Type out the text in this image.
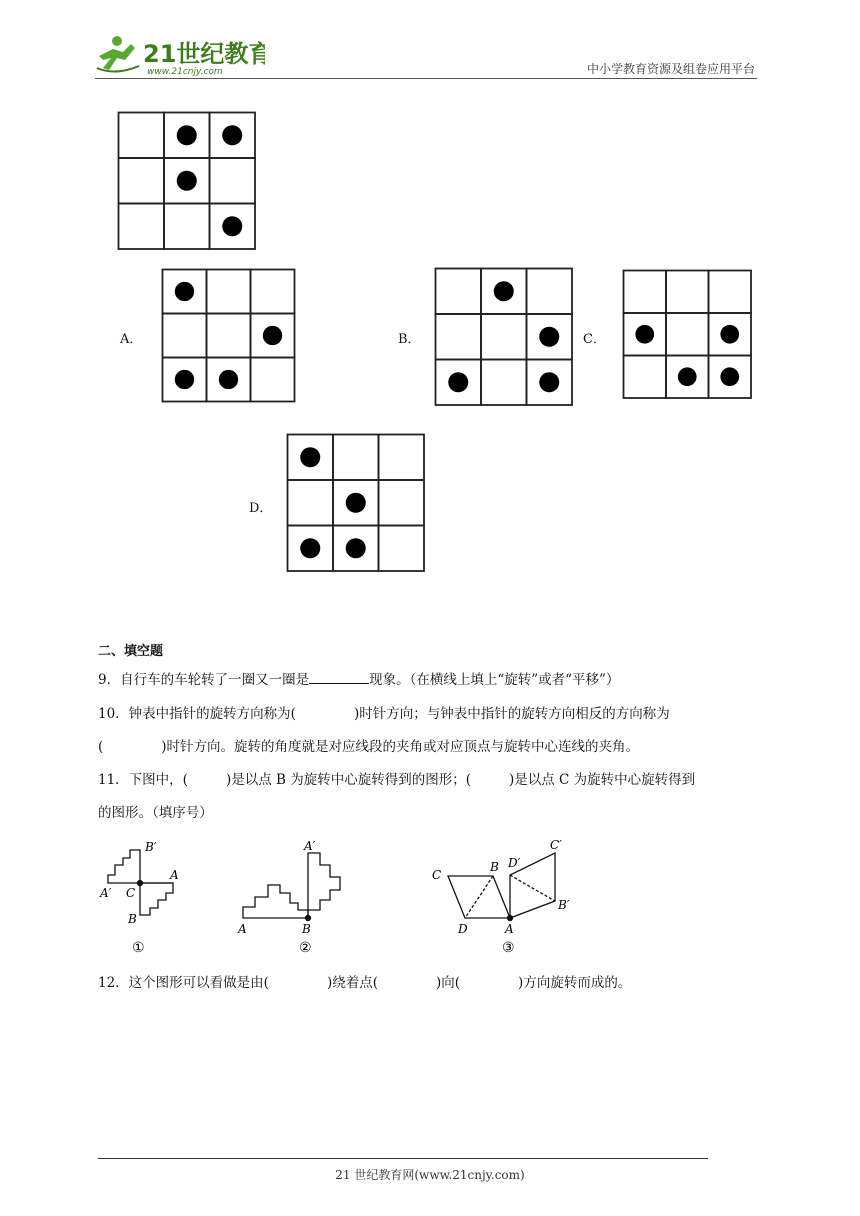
21世纪教育
www.21cnjy.com	中小学教育资源及组卷应用平台
A．	B．	C．
D．
二、填空题
9．自行车的车轮转了一圈又一圈是	现象。（在横线上填上“旋转”或者“平移”）
10．钟表中指针的旋转方向称为(	)时针方向；与钟表中指针的旋转方向相反的方向称为
(	)时针方向。旋转的角度就是对应线段的夹角或对应顶点与旋转中心连线的夹角。
11．下图中，(	)是以点 B 为旋转中心旋转得到的图形；(	)是以点 C 为旋转中心旋转得到
的图形。（填序号）
B′
A′ C
A
B
①
A′
A	B
②
C
B D′
C′
B′
D	A
③
12．这个图形可以看做是由(	)绕着点(	)向(	)方向旋转而成的。
21 世纪教育网(www.21cnjy.com)
